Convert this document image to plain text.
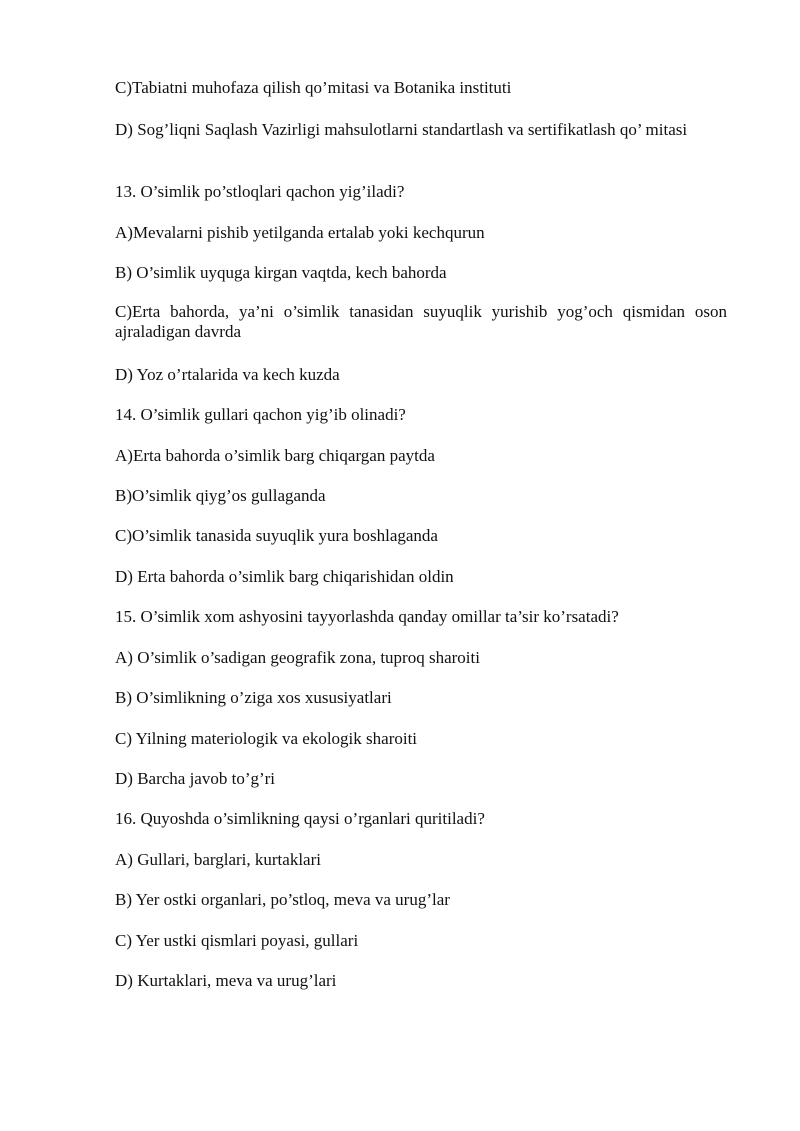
C)Tabiatni muhofaza qilish qo’mitasi va Botanika instituti
D) Sog’liqni Saqlash Vazirligi mahsulotlarni standartlash va sertifikatlash qo’ mitasi
13. O’simlik po’stloqlari qachon yig’iladi?
A)Mevalarni pishib yetilganda ertalab yoki kechqurun
B) O’simlik uyquga kirgan vaqtda, kech bahorda
C)Erta bahorda, ya’ni o’simlik tanasidan suyuqlik yurishib yog’och qismidan oson ajraladigan davrda
D) Yoz o’rtalarida va kech kuzda
14. O’simlik gullari qachon yig’ib olinadi?
A)Erta bahorda o’simlik barg chiqargan paytda
B)O’simlik qiyg’os gullaganda
C)O’simlik tanasida suyuqlik yura boshlaganda
D) Erta bahorda o’simlik barg chiqarishidan oldin
15. O’simlik xom ashyosini tayyorlashda qanday omillar ta’sir ko’rsatadi?
A) O’simlik o’sadigan geografik zona, tuproq sharoiti
B) O’simlikning o’ziga xos xususiyatlari
C) Yilning materiologik va ekologik sharoiti
D) Barcha javob to’g’ri
16. Quyoshda o’simlikning qaysi o’rganlari quritiladi?
A) Gullari, barglari, kurtaklari
B) Yer ostki organlari, po’stloq, meva va urug’lar
C) Yer ustki qismlari poyasi, gullari
D) Kurtaklari, meva va urug’lari
